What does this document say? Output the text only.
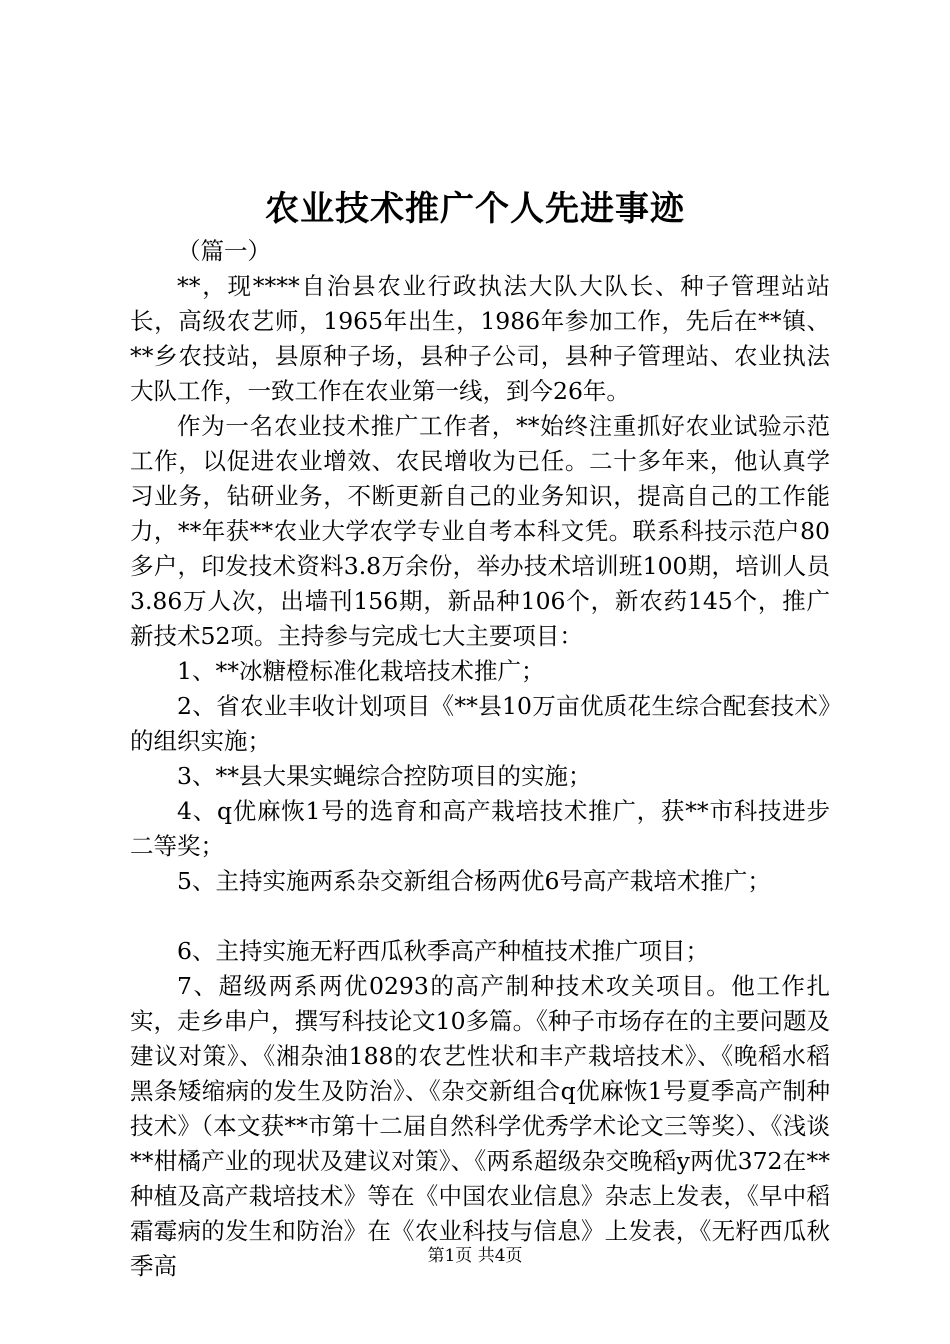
农业技术推广个人先进事迹

（篇一）

**，现****自治县农业行政执法大队大队长、种子管理站站长，高级农艺师，1965年出生，1986年参加工作，先后在**镇、**乡农技站，县原种子场，县种子公司，县种子管理站、农业执法大队工作，一致工作在农业第一线，到今26年。

作为一名农业技术推广工作者，**始终注重抓好农业试验示范工作，以促进农业增效、农民增收为已任。二十多年来，他认真学习业务，钻研业务，不断更新自己的业务知识，提高自己的工作能力，**年获**农业大学农学专业自考本科文凭。联系科技示范户80多户，印发技术资料3.8万余份，举办技术培训班100期，培训人员3.86万人次，出墙刊156期，新品种106个，新农药145个，推广新技术52项。主持参与完成七大主要项目：

1、**冰糖橙标准化栽培技术推广；

2、省农业丰收计划项目《**县10万亩优质花生综合配套技术》的组织实施；

3、**县大果实蝇综合控防项目的实施；

4、q优麻恢1号的选育和高产栽培技术推广，获**市科技进步二等奖；

5、主持实施两系杂交新组合杨两优6号高产栽培术推广；

6、主持实施无籽西瓜秋季高产种植技术推广项目；

7、超级两系两优0293的高产制种技术攻关项目。他工作扎实，走乡串户，撰写科技论文10多篇。《种子市场存在的主要问题及建议对策》、《湘杂油188的农艺性状和丰产栽培技术》、《晚稻水稻黑条矮缩病的发生及防治》、《杂交新组合q优麻恢1号夏季高产制种技术》（本文获**市第十二届自然科学优秀学术论文三等奖）、《浅谈**柑橘产业的现状及建议对策》、《两系超级杂交晚稻y两优372在**种植及高产栽培技术》等在《中国农业信息》杂志上发表，《早中稻霜霉病的发生和防治》在《农业科技与信息》上发表，《无籽西瓜秋季高	第1页 共4页
